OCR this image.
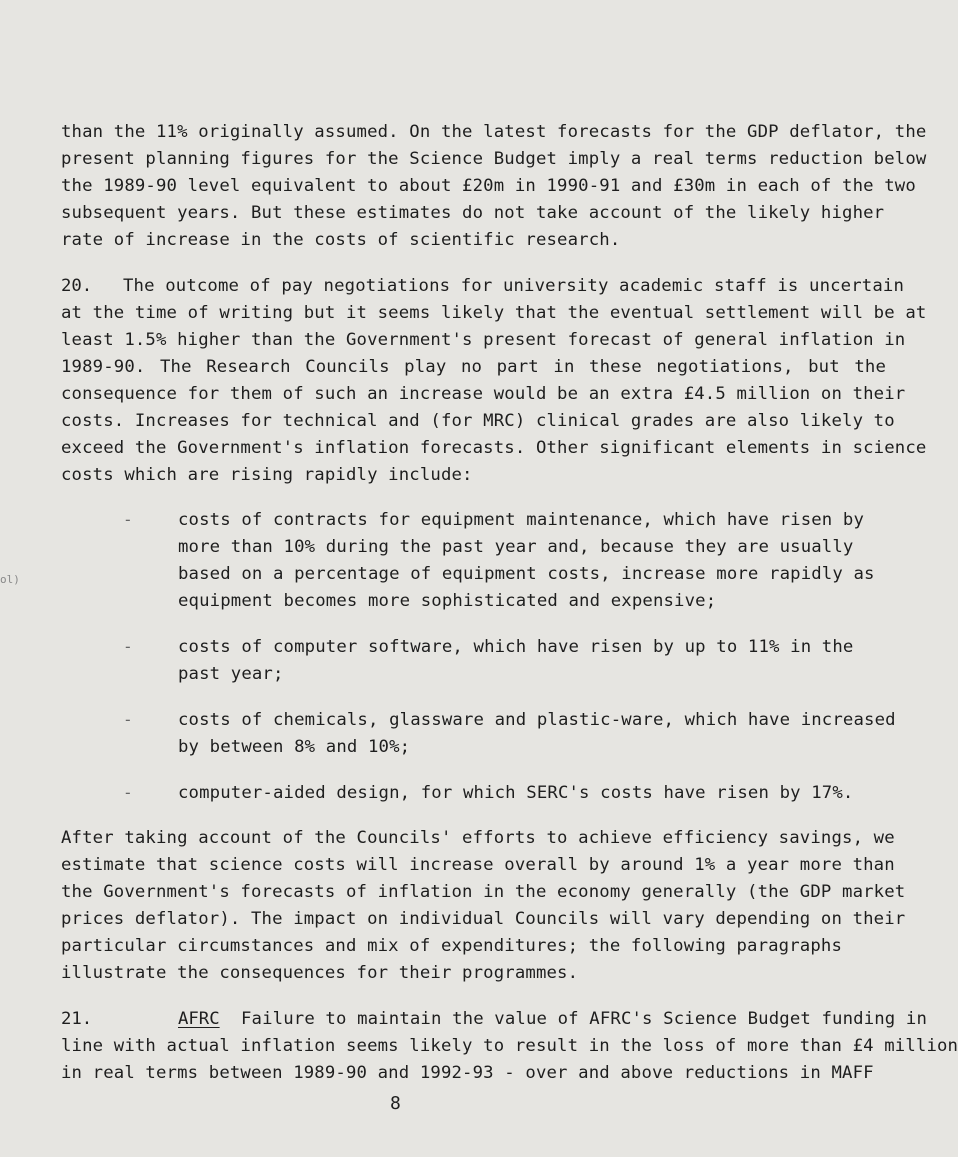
than the 11% originally assumed. On the latest forecasts for the GDP deflator, the
present planning figures for the Science Budget imply a real terms reduction below
the 1989-90 level equivalent to about £20m in 1990-91 and £30m in each of the two
subsequent years. But these estimates do not take account of the likely higher
rate of increase in the costs of scientific research.
20. The outcome of pay negotiations for university academic staff is uncertain
at the time of writing but it seems likely that the eventual settlement will be at
least 1.5% higher than the Government's present forecast of general inflation in
1989-90. The Research Councils play no part in these negotiations, but the
consequence for them of such an increase would be an extra £4.5 million on their
costs. Increases for technical and (for MRC) clinical grades are also likely to
exceed the Government's inflation forecasts. Other significant elements in science
costs which are rising rapidly include:
-	costs of contracts for equipment maintenance, which have risen by
more than 10% during the past year and, because they are usually
based on a percentage of equipment costs, increase more rapidly as
equipment becomes more sophisticated and expensive;
-	costs of computer software, which have risen by up to 11% in the
past year;
-	costs of chemicals, glassware and plastic-ware, which have increased
by between 8% and 10%;
-	computer-aided design, for which SERC's costs have risen by 17%.
After taking account of the Councils' efforts to achieve efficiency savings, we
estimate that science costs will increase overall by around 1% a year more than
the Government's forecasts of inflation in the economy generally (the GDP market
prices deflator). The impact on individual Councils will vary depending on their
particular circumstances and mix of expenditures; the following paragraphs
illustrate the consequences for their programmes.
21.	AFRC Failure to maintain the value of AFRC's Science Budget funding in
line with actual inflation seems likely to result in the loss of more than £4 million
in real terms between 1989-90 and 1992-93 - over and above reductions in MAFF
8
ol)
